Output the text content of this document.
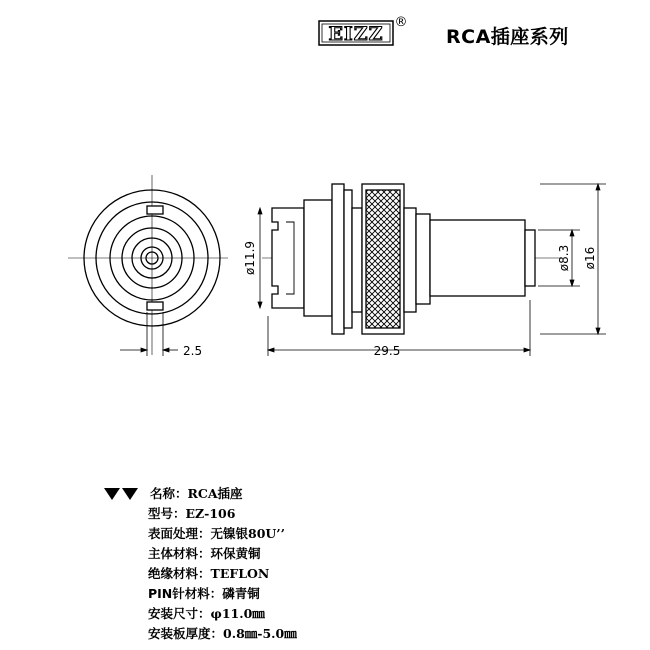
EIZZ
®
RCA插座系列
2.5	29.5
ø11.9	ø8.3 ø16
名称：RCA插座
型号：EZ-106
表面处理：无镍银80U’’
主体材料：环保黄铜
绝缘材料：TEFLON
PIN针材料：磷青铜
安装尺寸：φ11.0㎜
安装板厚度：0.8㎜-5.0㎜
